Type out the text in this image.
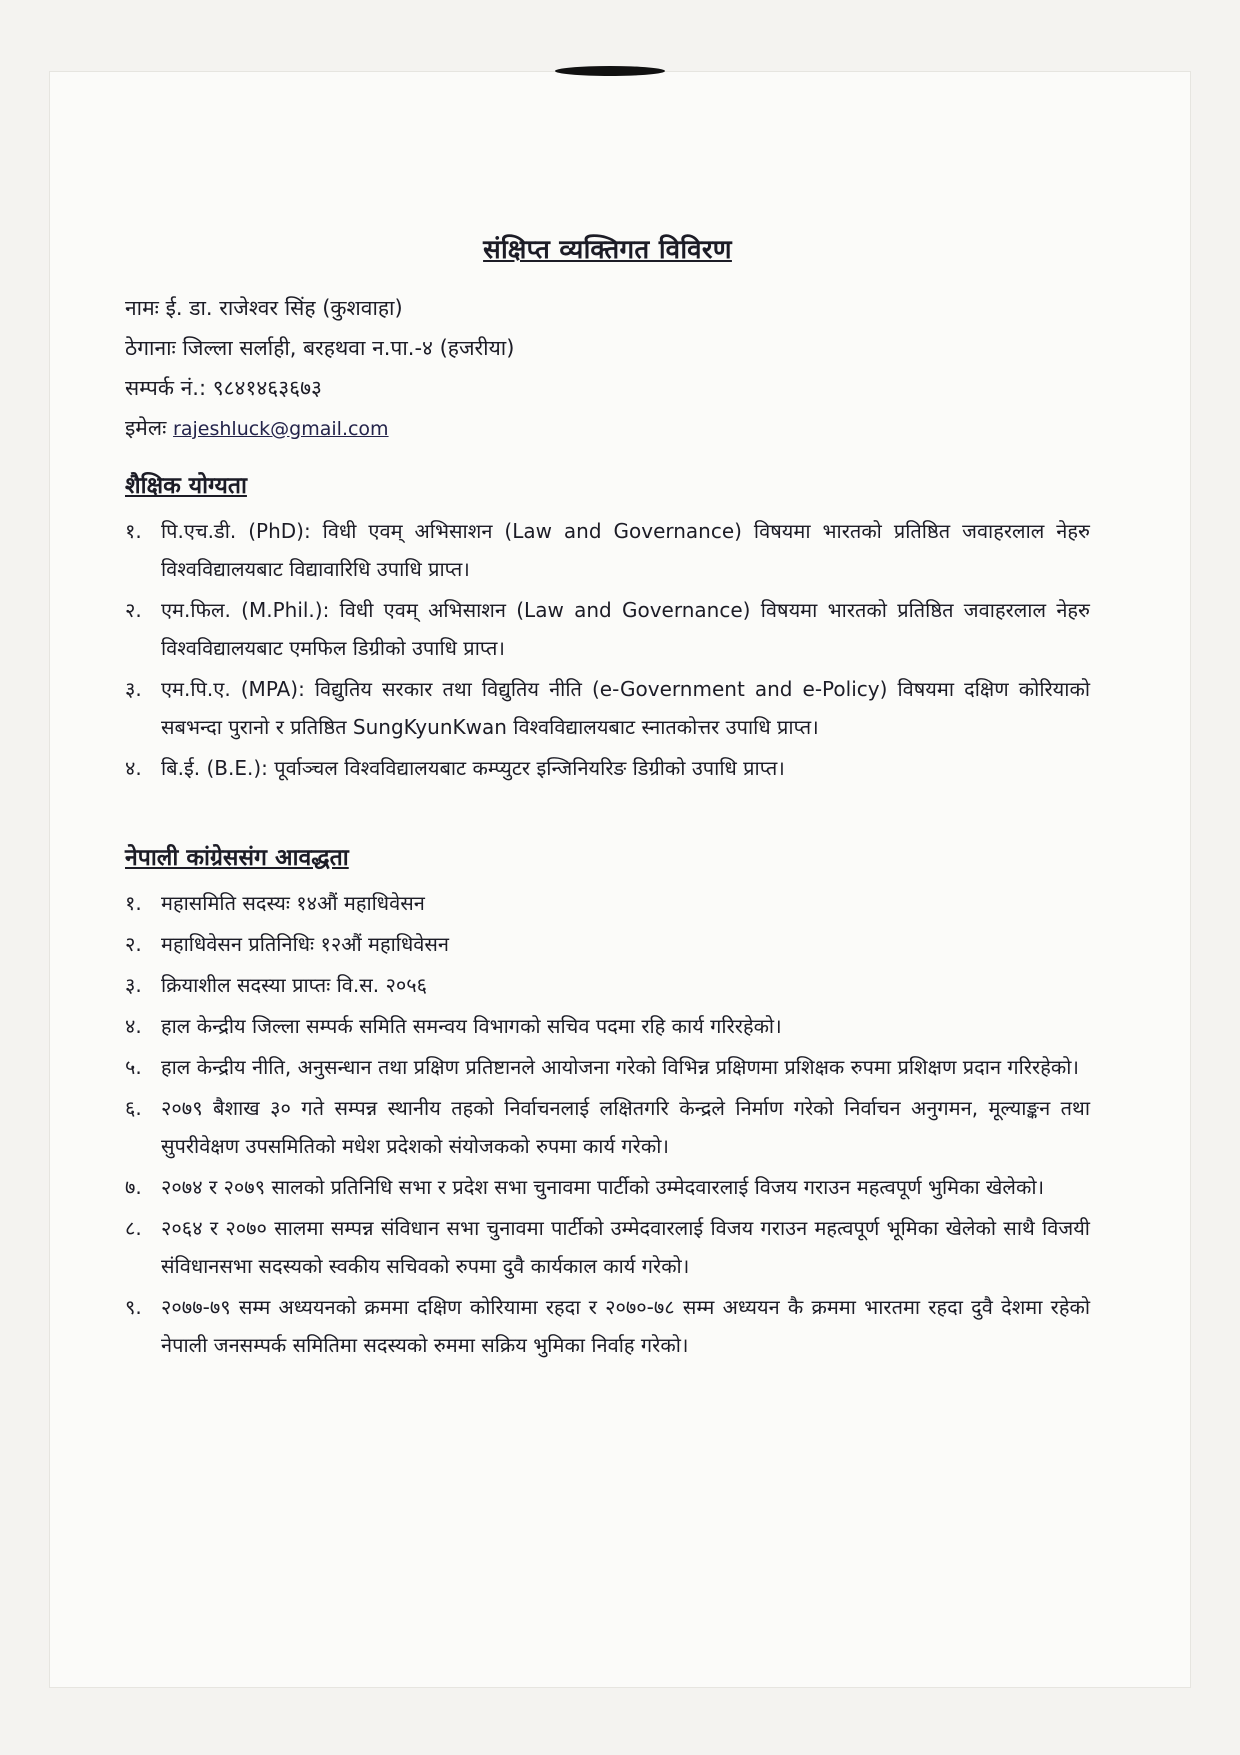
संक्षिप्त व्यक्तिगत विविरण
नामः ई. डा. राजेश्वर सिंह (कुशवाहा)
ठेगानाः जिल्ला सर्लाही, बरहथवा न.पा.-४ (हजरीया)
सम्पर्क नं.: ९८४१४६३६७३
इमेलः rajeshluck@gmail.com
शैक्षिक योग्यता
१. पि.एच.डी. (PhD): विधी एवम् अभिसाशन (Law and Governance) विषयमा भारतको प्रतिष्ठित जवाहरलाल नेहरु विश्वविद्यालयबाट विद्यावारिधि उपाधि प्राप्त।
२. एम.फिल. (M.Phil.): विधी एवम् अभिसाशन (Law and Governance) विषयमा भारतको प्रतिष्ठित जवाहरलाल नेहरु विश्वविद्यालयबाट एमफिल डिग्रीको उपाधि प्राप्त।
३. एम.पि.ए. (MPA): विद्युतिय सरकार तथा विद्युतिय नीति (e-Government and e-Policy) विषयमा दक्षिण कोरियाको सबभन्दा पुरानो र प्रतिष्ठित SungKyunKwan विश्वविद्यालयबाट स्नातकोत्तर उपाधि प्राप्त।
४. बि.ई. (B.E.): पूर्वाञ्चल विश्वविद्यालयबाट कम्प्युटर इन्जिनियरिङ डिग्रीको उपाधि प्राप्त।
नेपाली कांग्रेससंग आवद्धता
१. महासमिति सदस्यः १४औं महाधिवेसन
२. महाधिवेसन प्रतिनिधिः १२औं महाधिवेसन
३. क्रियाशील सदस्या प्राप्तः वि.स. २०५६
४. हाल केन्द्रीय जिल्ला सम्पर्क समिति समन्वय विभागको सचिव पदमा रहि कार्य गरिरहेको।
५. हाल केन्द्रीय नीति, अनुसन्धान तथा प्रक्षिण प्रतिष्टानले आयोजना गरेको विभिन्न प्रक्षिणमा प्रशिक्षक रुपमा प्रशिक्षण प्रदान गरिरहेको।
६. २०७९ बैशाख ३० गते सम्पन्न स्थानीय तहको निर्वाचनलाई लक्षितगरि केन्द्रले निर्माण गरेको निर्वाचन अनुगमन, मूल्याङ्कन तथा सुपरीवेक्षण उपसमितिको मधेश प्रदेशको संयोजकको रुपमा कार्य गरेको।
७. २०७४ र २०७९ सालको प्रतिनिधि सभा र प्रदेश सभा चुनावमा पार्टीको उम्मेदवारलाई विजय गराउन महत्वपूर्ण भुमिका खेलेको।
८. २०६४ र २०७० सालमा सम्पन्न संविधान सभा चुनावमा पार्टीको उम्मेदवारलाई विजय गराउन महत्वपूर्ण भूमिका खेलेको साथै विजयी संविधानसभा सदस्यको स्वकीय सचिवको रुपमा दुवै कार्यकाल कार्य गरेको।
९. २०७७-७९ सम्म अध्ययनको क्रममा दक्षिण कोरियामा रहदा र २०७०-७८ सम्म अध्ययन कै क्रममा भारतमा रहदा दुवै देशमा रहेको नेपाली जनसम्पर्क समितिमा सदस्यको रुममा सक्रिय भुमिका निर्वाह गरेको।
